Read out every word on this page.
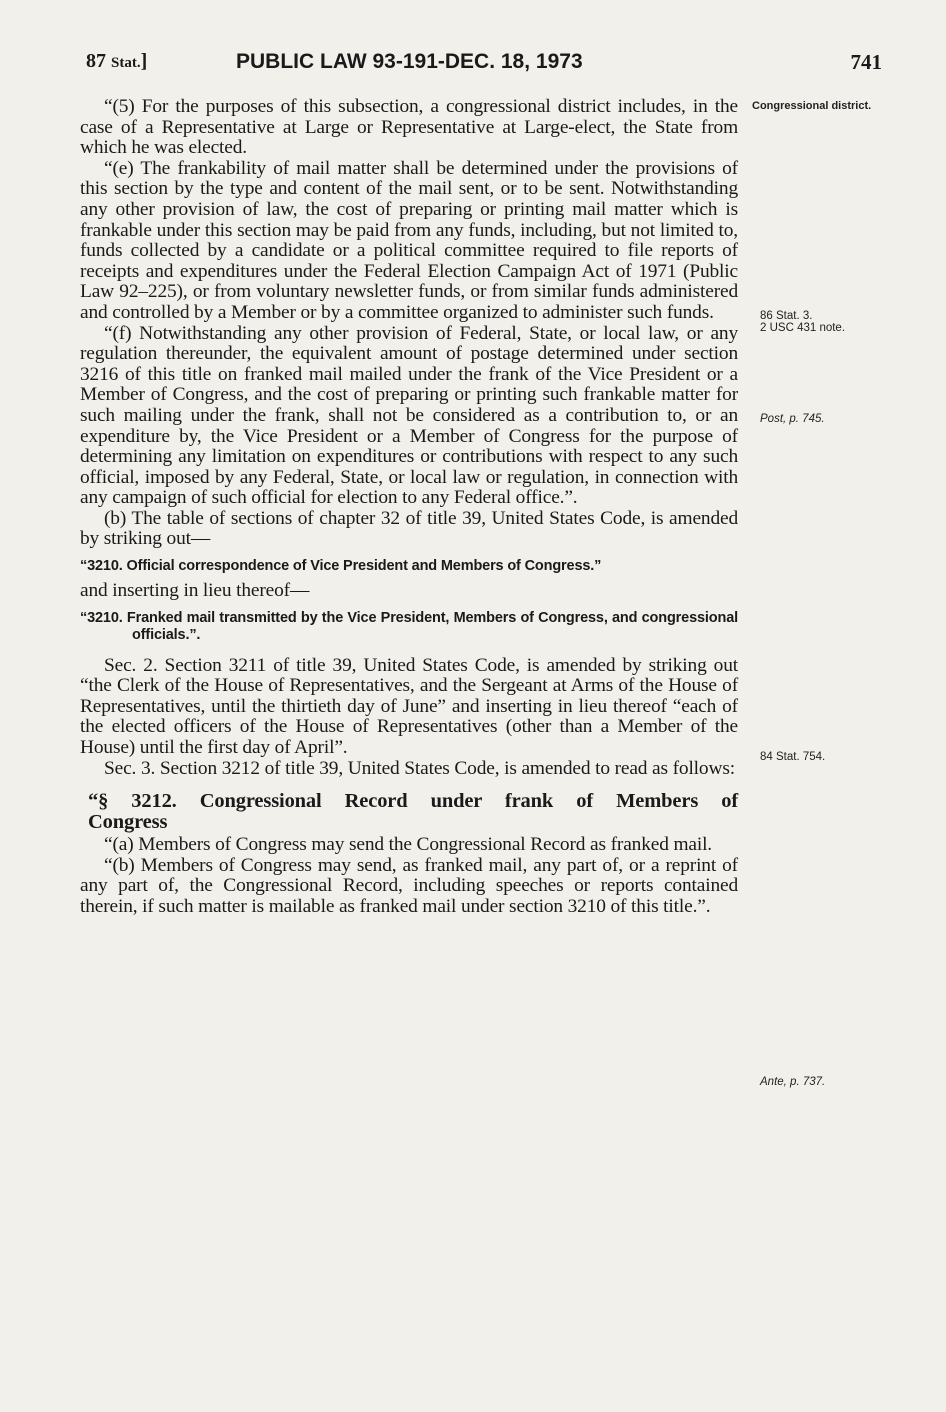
87 Stat.]	PUBLIC LAW 93-191-DEC. 18, 1973	741

“(5) For the purposes of this subsection, a congressional district includes, in the case of a Representative at Large or Representative at Large-elect, the State from which he was elected.

“(e) The frankability of mail matter shall be determined under the provisions of this section by the type and content of the mail sent, or to be sent. Notwithstanding any other provision of law, the cost of preparing or printing mail matter which is frankable under this section may be paid from any funds, including, but not limited to, funds collected by a candidate or a political committee required to file reports of receipts and expenditures under the Federal Election Campaign Act of 1971 (Public Law 92–225), or from voluntary newsletter funds, or from similar funds administered and controlled by a Member or by a committee organized to administer such funds.

“(f) Notwithstanding any other provision of Federal, State, or local law, or any regulation thereunder, the equivalent amount of postage determined under section 3216 of this title on franked mail mailed under the frank of the Vice President or a Member of Congress, and the cost of preparing or printing such frankable matter for such mailing under the frank, shall not be considered as a contribution to, or an expenditure by, the Vice President or a Member of Congress for the purpose of determining any limitation on expenditures or contributions with respect to any such official, imposed by any Federal, State, or local law or regulation, in connection with any campaign of such official for election to any Federal office.”.

(b) The table of sections of chapter 32 of title 39, United States Code, is amended by striking out—

“3210. Official correspondence of Vice President and Members of Congress.”
and inserting in lieu thereof—
“3210. Franked mail transmitted by the Vice President, Members of Congress, and congressional officials.”.

Sec. 2. Section 3211 of title 39, United States Code, is amended by striking out “the Clerk of the House of Representatives, and the Sergeant at Arms of the House of Representatives, until the thirtieth day of June” and inserting in lieu thereof “each of the elected officers of the House of Representatives (other than a Member of the House) until the first day of April”.

Sec. 3. Section 3212 of title 39, United States Code, is amended to read as follows:

“§ 3212. Congressional Record under frank of Members of
Congress

“(a) Members of Congress may send the Congressional Record as franked mail.

“(b) Members of Congress may send, as franked mail, any part of, or a reprint of any part of, the Congressional Record, including speeches or reports contained therein, if such matter is mailable as franked mail under section 3210 of this title.”.

Congressional district.
86 Stat. 3.
2 USC 431 note.
Post, p. 745.
84 Stat. 754.
Ante, p. 737.
